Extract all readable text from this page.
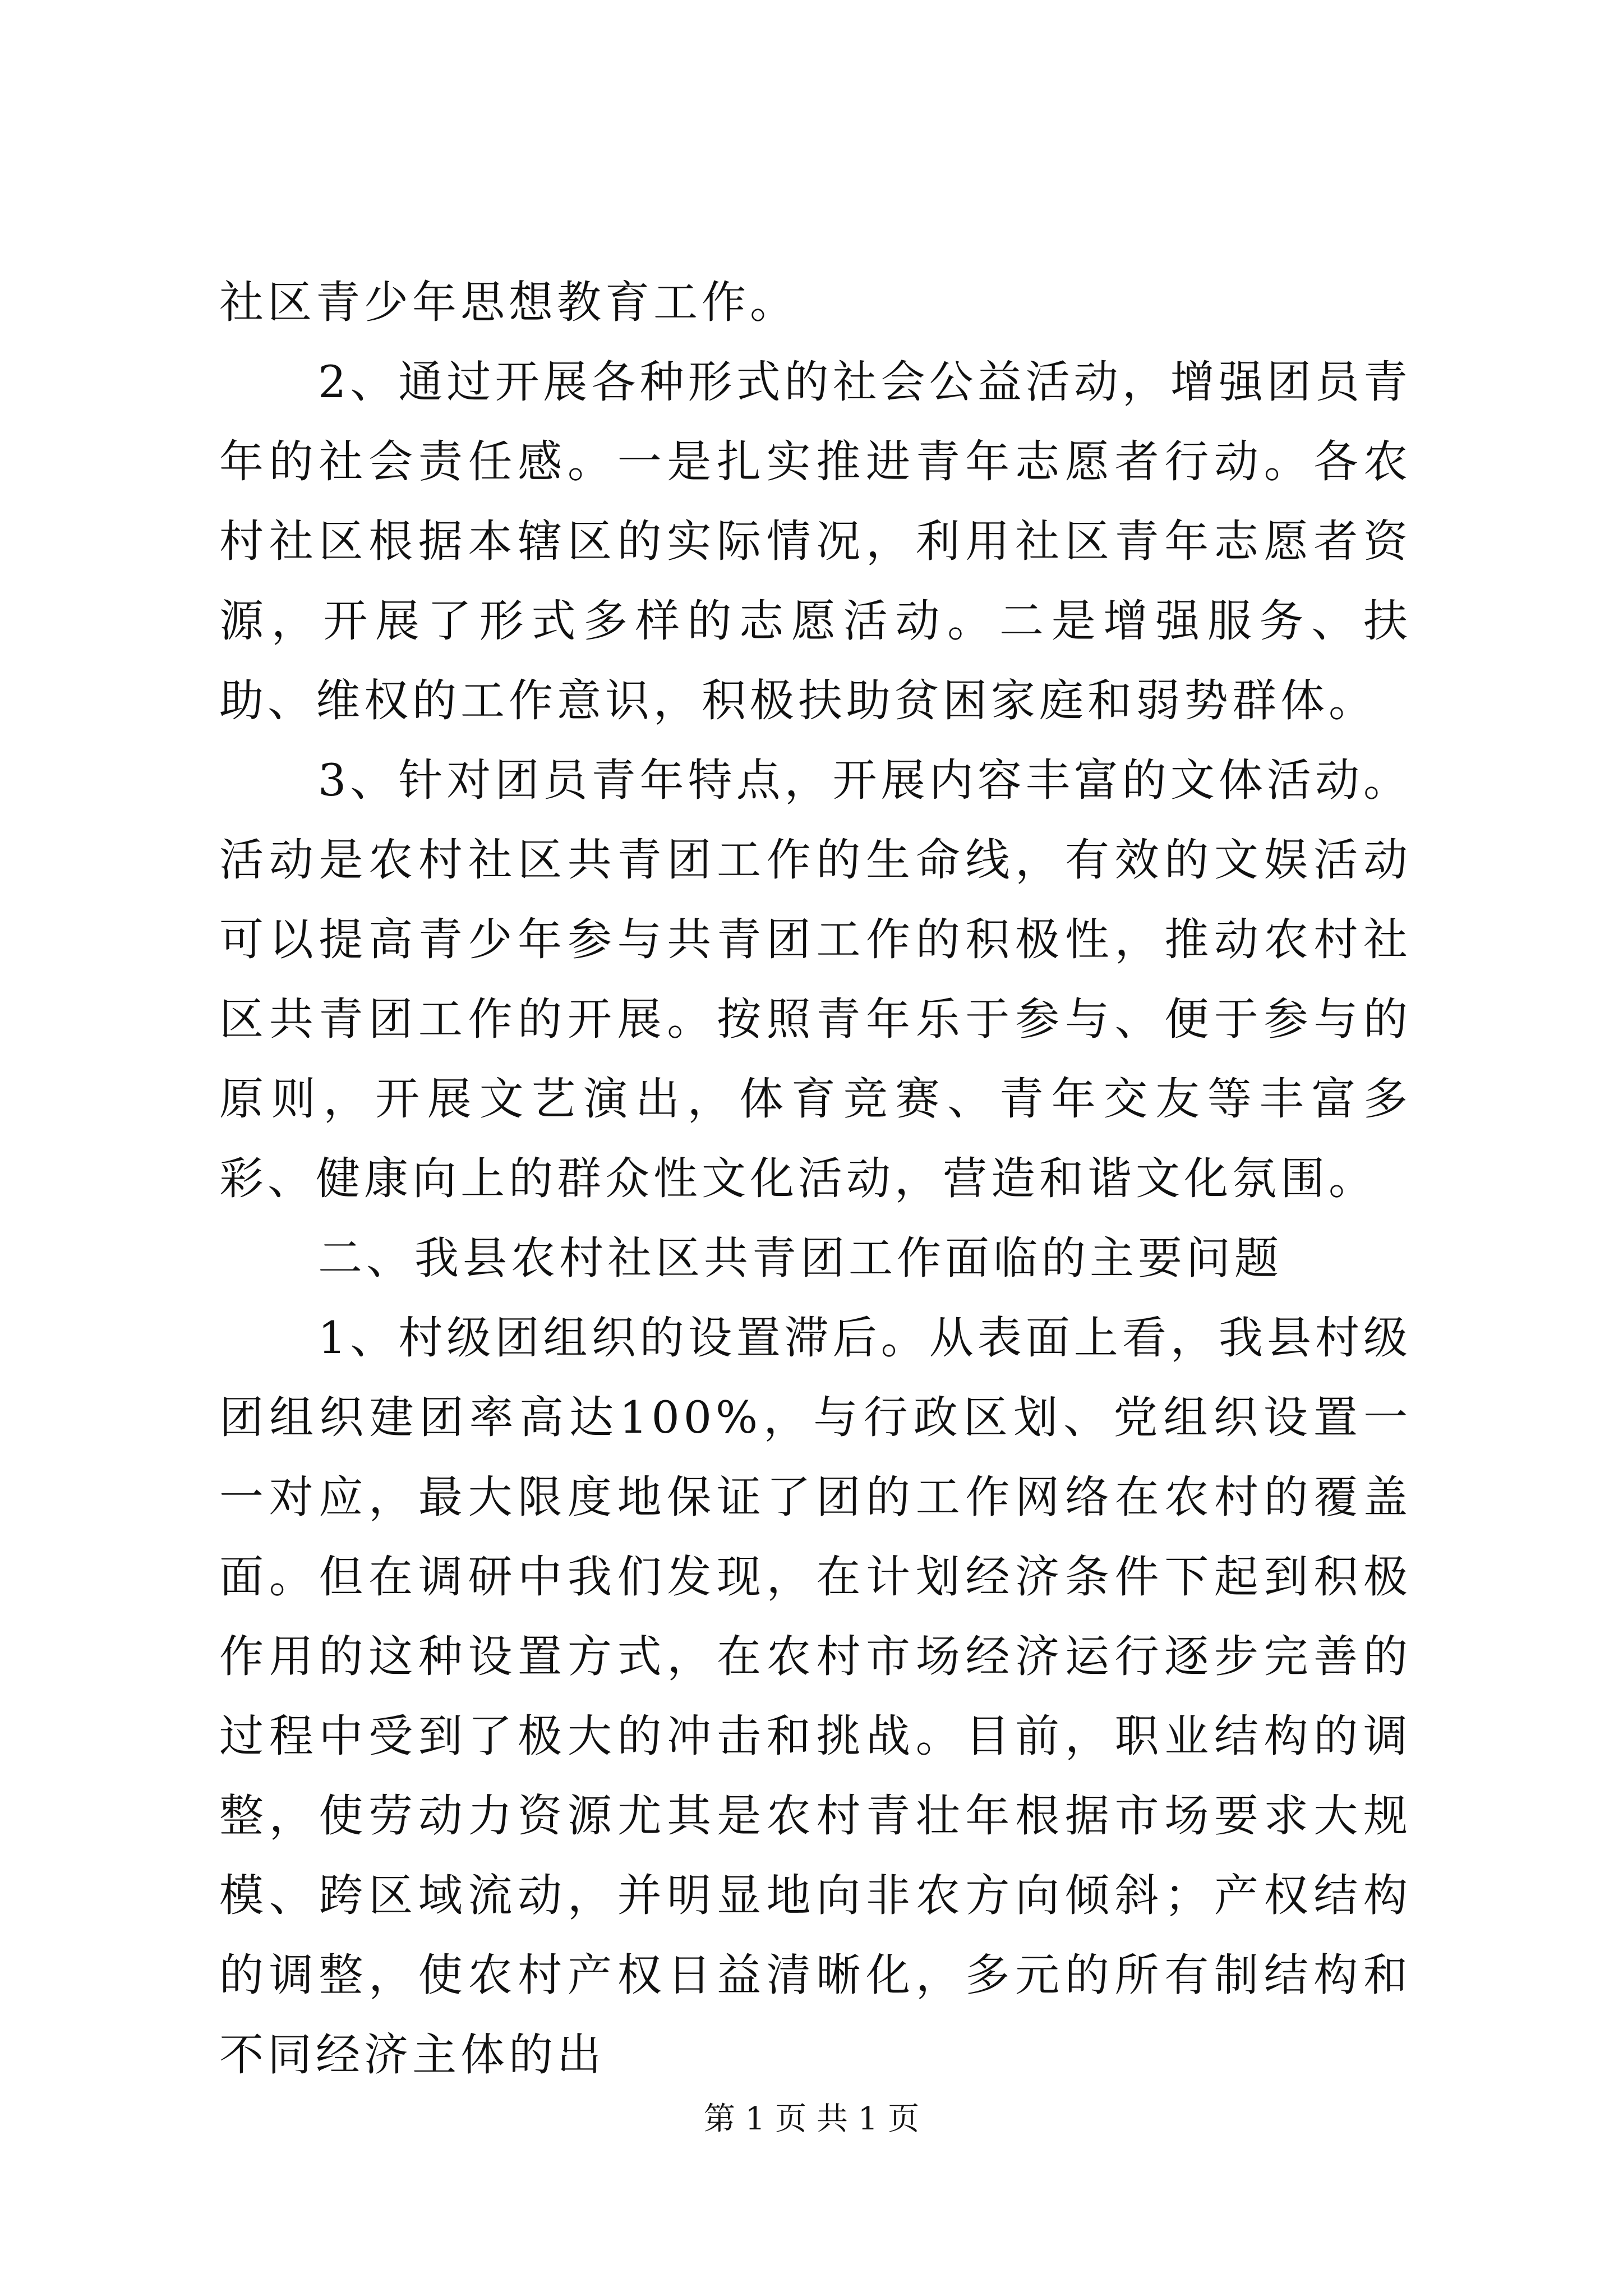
社区青少年思想教育工作。

2、通过开展各种形式的社会公益活动，增强团员青年的社会责任感。一是扎实推进青年志愿者行动。各农村社区根据本辖区的实际情况，利用社区青年志愿者资源，开展了形式多样的志愿活动。二是增强服务、扶助、维权的工作意识，积极扶助贫困家庭和弱势群体。

3、针对团员青年特点，开展内容丰富的文体活动。活动是农村社区共青团工作的生命线，有效的文娱活动可以提高青少年参与共青团工作的积极性，推动农村社区共青团工作的开展。按照青年乐于参与、便于参与的原则，开展文艺演出，体育竞赛、青年交友等丰富多彩、健康向上的群众性文化活动，营造和谐文化氛围。

二、我县农村社区共青团工作面临的主要问题

1、村级团组织的设置滞后。从表面上看，我县村级团组织建团率高达100%，与行政区划、党组织设置一一对应，最大限度地保证了团的工作网络在农村的覆盖面。但在调研中我们发现，在计划经济条件下起到积极作用的这种设置方式，在农村市场经济运行逐步完善的过程中受到了极大的冲击和挑战。目前，职业结构的调整，使劳动力资源尤其是农村青壮年根据市场要求大规模、跨区域流动，并明显地向非农方向倾斜；产权结构的调整，使农村产权日益清晰化，多元的所有制结构和不同经济主体的出

第 1 页 共 1 页
